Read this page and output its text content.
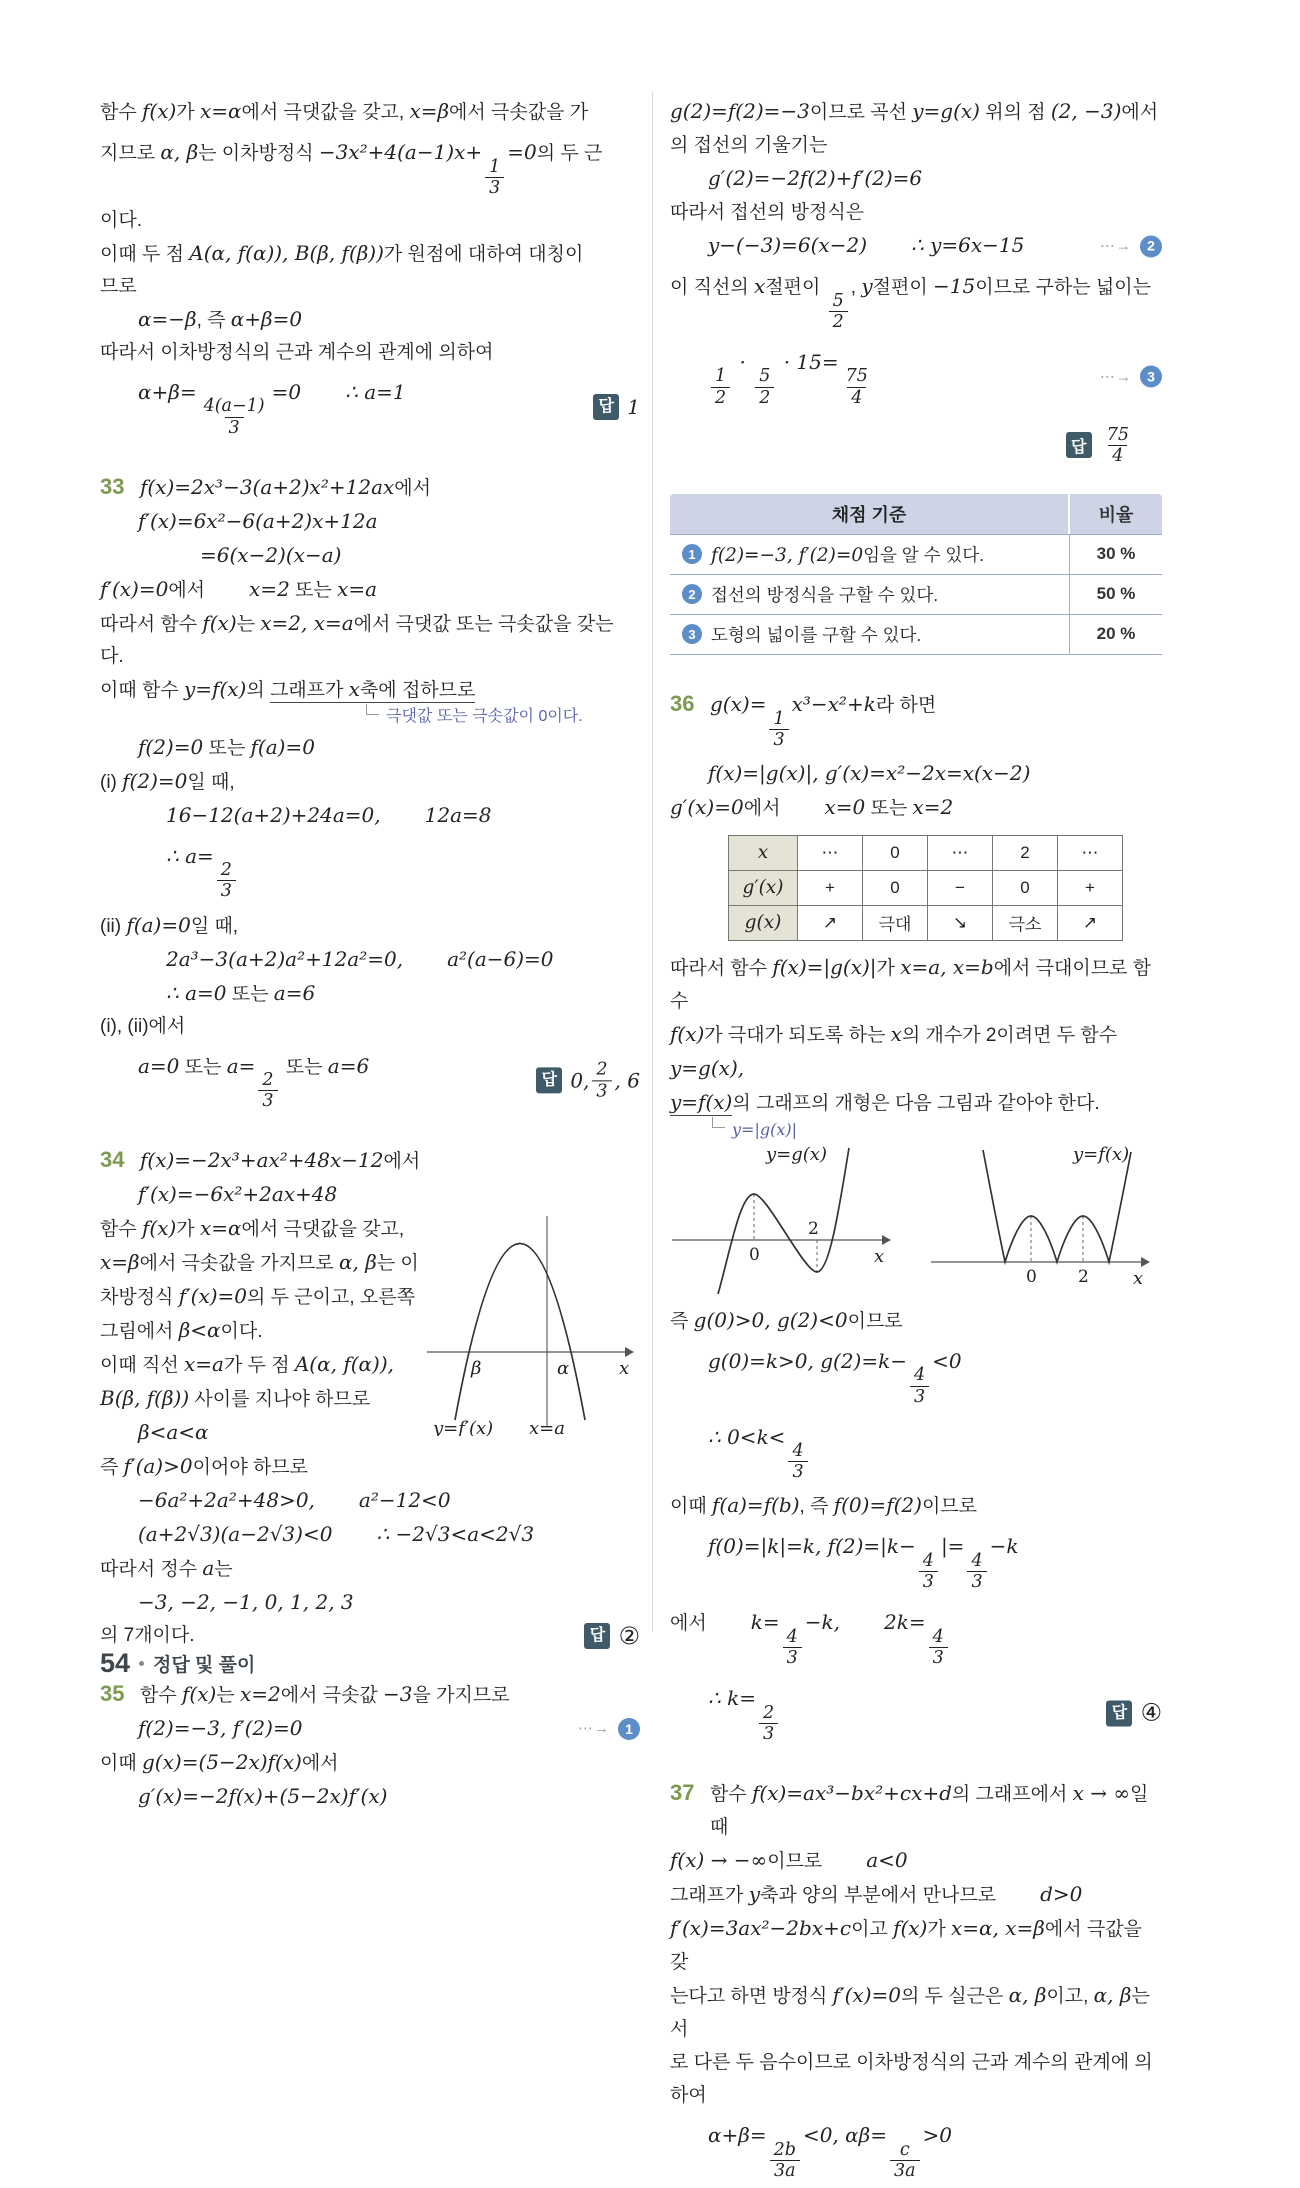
함수 f(x)가 x=α에서 극댓값을 갖고, x=β에서 극솟값을 가
지므로 α, β는 이차방정식 −3x²+4(a−1)x+
$\frac{1}{3}$
=0의 두 근
이다.
이때 두 점 A(α, f(α)), B(β, f(β))가 원점에 대하여 대칭이
므로
α=−β, 즉 α+β=0
따라서 이차방정식의 근과 계수의 관계에 의하여
α+β=
$\frac{4(a-1)}{3}$
=0 ∴ a=1
답 1
33 f(x)=2x³−3(a+2)x²+12ax에서
f′(x)=6x²−6(a+2)x+12a
=6(x−2)(x−a)
f′(x)=0에서 x=2 또는 x=a
따라서 함수 f(x)는 x=2, x=a에서 극댓값 또는 극솟값을 갖는
다.
이때 함수 y=f(x)의 그래프가 x축에 접하므로
극댓값 또는 극솟값이 0이다.
f(2)=0 또는 f(a)=0
(i) f(2)=0일 때,
16−12(a+2)+24a=0, 12a=8
∴ a=
$\frac{2}{3}$
(ii) f(a)=0일 때,
2a³−3(a+2)a²+12a²=0, a²(a−6)=0
∴ a=0 또는 a=6
(i), (ii)에서
a=0 또는 a=
$\frac{2}{3}$
또는 a=6
답 0, $\frac{2}{3}$ , 6
34 f(x)=−2x³+ax²+48x−12에서
f′(x)=−6x²+2ax+48
β	α	x
y=f′(x) x=a
함수 f(x)가 x=α에서 극댓값을 갖고,
x=β에서 극솟값을 가지므로 α, β는 이
차방정식 f′(x)=0의 두 근이고, 오른쪽
그림에서 β<α이다.
이때 직선 x=a가 두 점 A(α, f(α)),
B(β, f(β)) 사이를 지나야 하므로
β<a<α
즉 f′(a)>0이어야 하므로
−6a²+2a²+48>0, a²−12<0
(a+2√3)(a−2√3)<0 ∴ −2√3<a<2√3
따라서 정수 a는
−3, −2, −1, 0, 1, 2, 3
의 7개이다.	답 ②
35 함수 f(x)는 x=2에서 극솟값 −3을 가지므로
f(2)=−3, f′(2)=0	⋯→	1
이때 g(x)=(5−2x)f(x)에서
g′(x)=−2f(x)+(5−2x)f′(x)
g(2)=f(2)=−3이므로 곡선 y=g(x) 위의 점 (2, −3)에서
의 접선의 기울기는
g′(2)=−2f(2)+f′(2)=6
따라서 접선의 방정식은
y−(−3)=6(x−2) ∴ y=6x−15	⋯→	2
이 직선의 x절편이
$\frac{5}{2}$
, y절편이 −15이므로 구하는 넓이는
$\frac{1}{2}$
·
$\frac{5}{2}$
· 15=
$\frac{75}{4}$	⋯→	3
답 $\frac{75}{4}$
채점 기준	비율
1 f(2)=−3, f′(2)=0임을 알 수 있다.	30 %
2 접선의 방정식을 구할 수 있다.	50 %
3 도형의 넓이를 구할 수 있다.	20 %
36 g(x)=
$\frac{1}{3}$
x³−x²+k라 하면
f(x)=|g(x)|, g′(x)=x²−2x=x(x−2)
g′(x)=0에서 x=0 또는 x=2
x	⋯	0	⋯	2	⋯
g′(x)	+	0	−	0	+
g(x)	↗	극대	↘	극소	↗
따라서 함수 f(x)=|g(x)|가 x=a, x=b에서 극대이므로 함수
f(x)가 극대가 되도록 하는 x의 개수가 2이려면 두 함수 y=g(x),
y=f(x)의 그래프의 개형은 다음 그림과 같아야 한다.
y=|g(x)|
0
2
x
y=g(x)
0 2 x
y=f(x)
즉 g(0)>0, g(2)<0이므로
g(0)=k>0, g(2)=k−
$\frac{4}{3}$
<0
∴ 0<k<
$\frac{4}{3}$
이때 f(a)=f(b), 즉 f(0)=f(2)이므로
f(0)=|k|=k, f(2)=|k−
$\frac{4}{3}$
|=
$\frac{4}{3}$
−k
에서 k=
$\frac{4}{3}$
−k, 2k=
$\frac{4}{3}$
∴ k=
$\frac{2}{3}$	답 ④
37 함수 f(x)=ax³−bx²+cx+d의 그래프에서 x → ∞일 때
f(x) → −∞이므로 a<0
그래프가 y축과 양의 부분에서 만나므로 d>0
f′(x)=3ax²−2bx+c이고 f(x)가 x=α, x=β에서 극값을 갖
는다고 하면 방정식 f′(x)=0의 두 실근은 α, β이고, α, β는 서
로 다른 두 음수이므로 이차방정식의 근과 계수의 관계에 의하여
α+β=
$\frac{2b}{3a}$
<0, αβ=
$\frac{c}{3a}$
>0
54 정답 및 풀이
